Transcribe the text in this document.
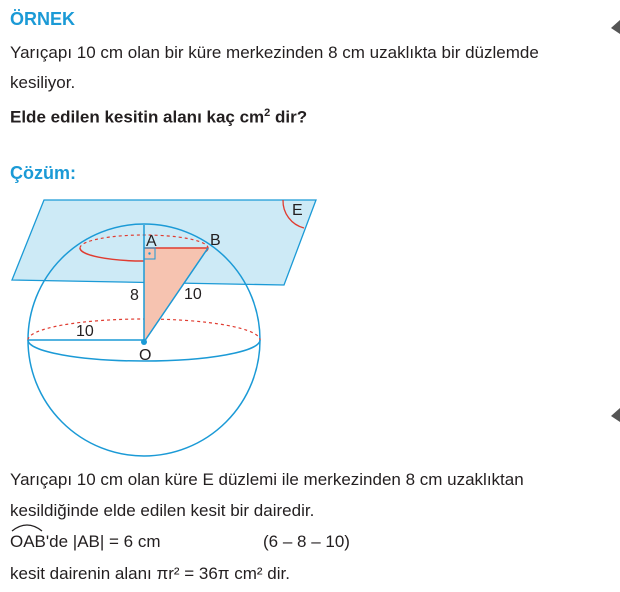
ÖRNEK
Yarıçapı 10 cm olan bir küre merkezinden 8 cm uzaklıkta bir düzlemde
kesiliyor.
Elde edilen kesitin alanı kaç $cm^2$ dir?
Çözüm:
E
A	B
O
8	10
10
Yarıçapı 10 cm olan küre E düzlemi ile merkezinden 8 cm uzaklıktan
kesildiğinde elde edilen kesit bir dairedir.
OAB'de |AB| = 6 cm	(6 – 8 – 10)
kesit dairenin alanı πr² = 36π cm² dir.
